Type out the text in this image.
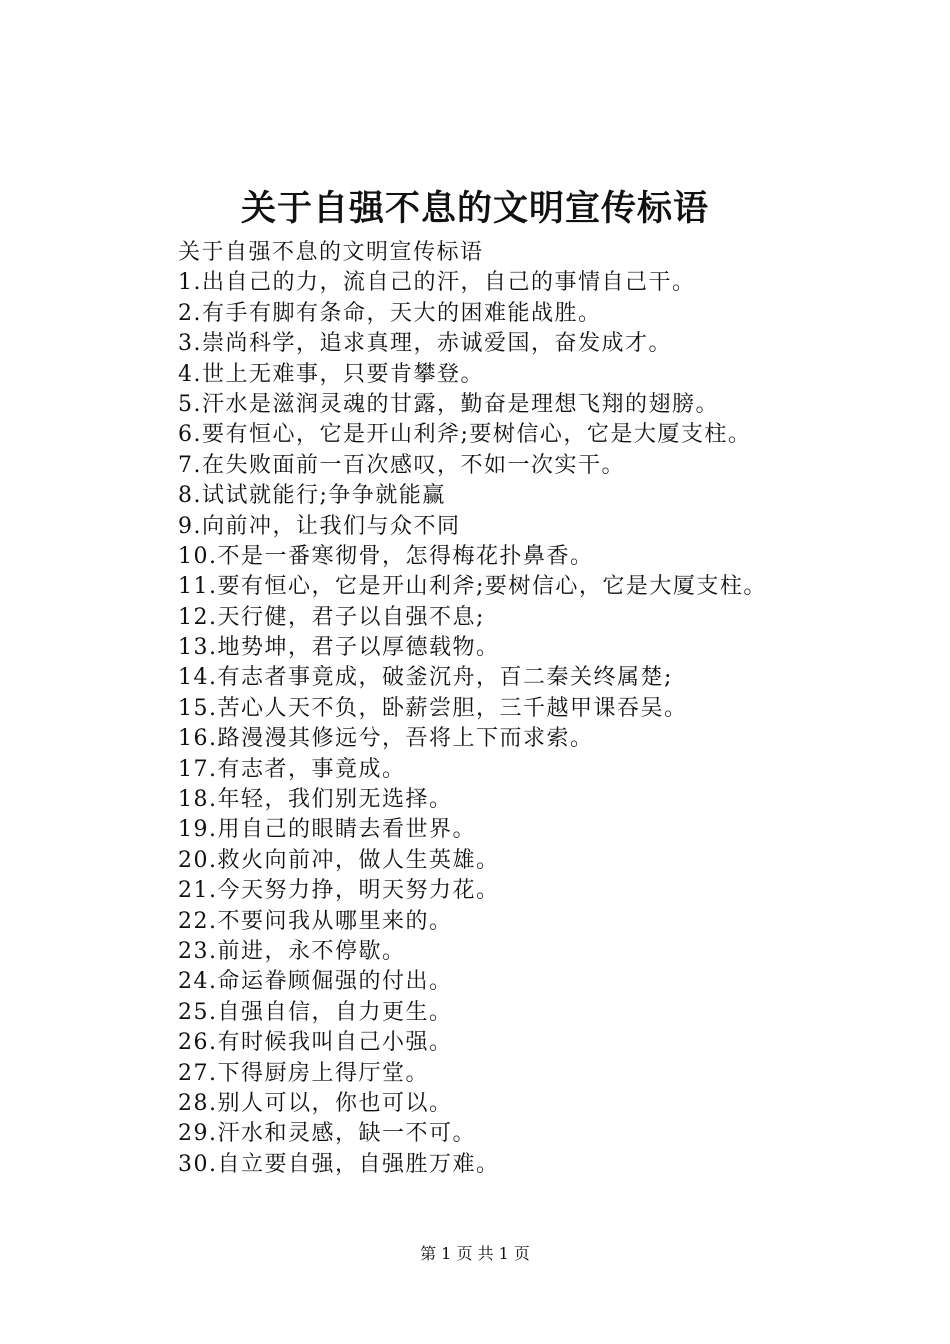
关于自强不息的文明宣传标语
关于自强不息的文明宣传标语
1.出自己的力，流自己的汗，自己的事情自己干。
2.有手有脚有条命，天大的困难能战胜。
3.崇尚科学，追求真理，赤诚爱国，奋发成才。
4.世上无难事，只要肯攀登。
5.汗水是滋润灵魂的甘露，勤奋是理想飞翔的翅膀。
6.要有恒心，它是开山利斧;要树信心，它是大厦支柱。
7.在失败面前一百次感叹，不如一次实干。
8.试试就能行;争争就能赢
9.向前冲，让我们与众不同
10.不是一番寒彻骨，怎得梅花扑鼻香。
11.要有恒心，它是开山利斧;要树信心，它是大厦支柱。
12.天行健，君子以自强不息;
13.地势坤，君子以厚德载物。
14.有志者事竟成，破釜沉舟，百二秦关终属楚;
15.苦心人天不负，卧薪尝胆，三千越甲课吞吴。
16.路漫漫其修远兮，吾将上下而求索。
17.有志者，事竟成。
18.年轻，我们别无选择。
19.用自己的眼睛去看世界。
20.救火向前冲，做人生英雄。
21.今天努力挣，明天努力花。
22.不要问我从哪里来的。
23.前进，永不停歇。
24.命运眷顾倔强的付出。
25.自强自信，自力更生。
26.有时候我叫自己小强。
27.下得厨房上得厅堂。
28.别人可以，你也可以。
29.汗水和灵感，缺一不可。
30.自立要自强，自强胜万难。
第 1 页 共 1 页
